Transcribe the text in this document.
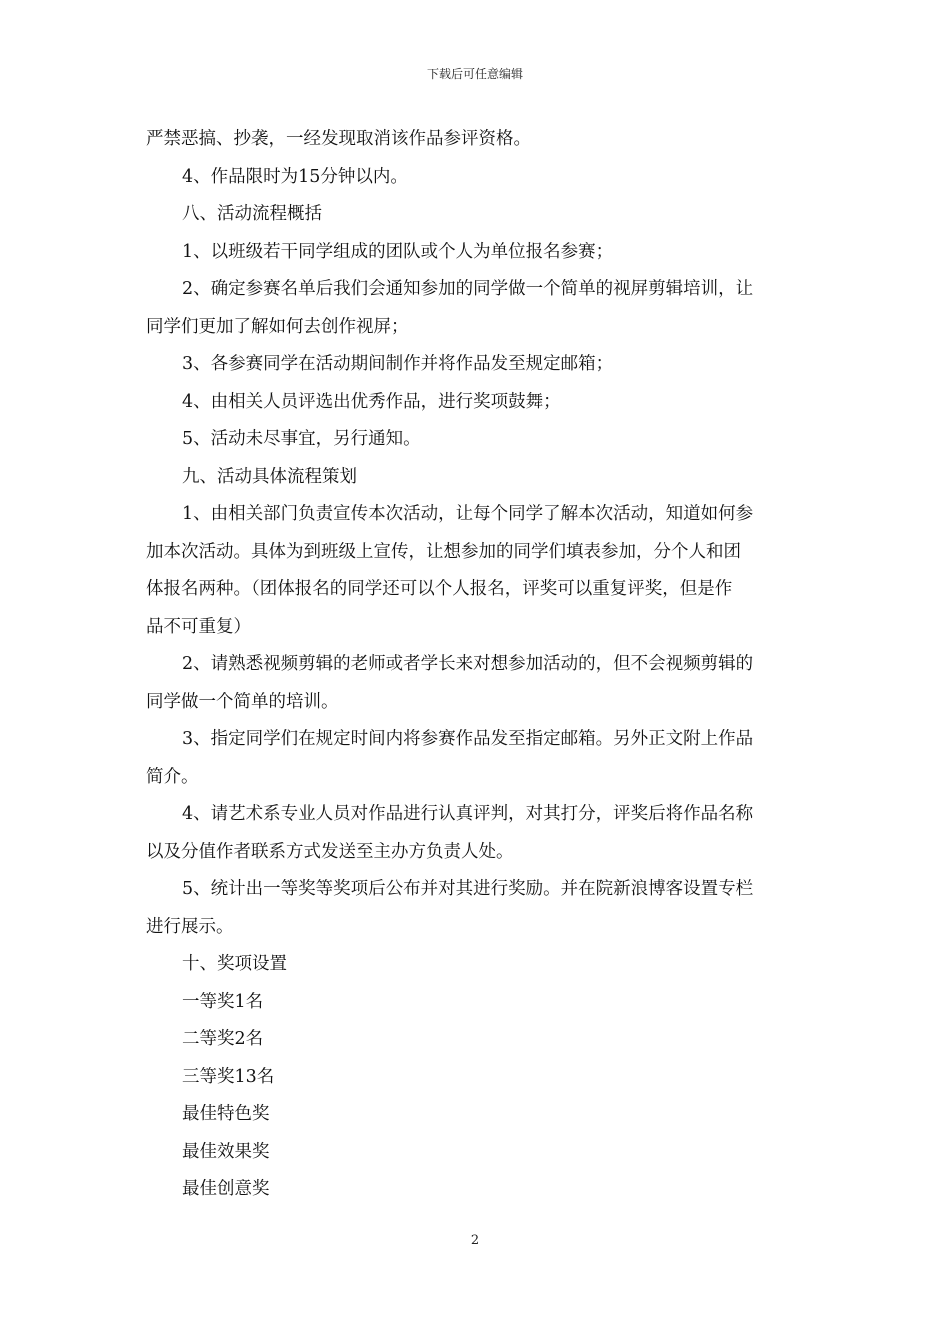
下载后可任意编辑

严禁恶搞、抄袭，一经发现取消该作品参评资格。

4、作品限时为15分钟以内。

八、活动流程概括

1、以班级若干同学组成的团队或个人为单位报名参赛；

2、确定参赛名单后我们会通知参加的同学做一个简单的视屏剪辑培训，让

同学们更加了解如何去创作视屏；

3、各参赛同学在活动期间制作并将作品发至规定邮箱；

4、由相关人员评选出优秀作品，进行奖项鼓舞；

5、活动未尽事宜，另行通知。

九、活动具体流程策划

1、由相关部门负责宣传本次活动，让每个同学了解本次活动，知道如何参

加本次活动。具体为到班级上宣传，让想参加的同学们填表参加，分个人和团

体报名两种。（团体报名的同学还可以个人报名，评奖可以重复评奖，但是作

品不可重复）

2、请熟悉视频剪辑的老师或者学长来对想参加活动的，但不会视频剪辑的

同学做一个简单的培训。

3、指定同学们在规定时间内将参赛作品发至指定邮箱。另外正文附上作品

简介。

4、请艺术系专业人员对作品进行认真评判，对其打分，评奖后将作品名称

以及分值作者联系方式发送至主办方负责人处。

5、统计出一等奖等奖项后公布并对其进行奖励。并在院新浪博客设置专栏

进行展示。

十、奖项设置

一等奖1名

二等奖2名

三等奖13名

最佳特色奖

最佳效果奖

最佳创意奖

2
